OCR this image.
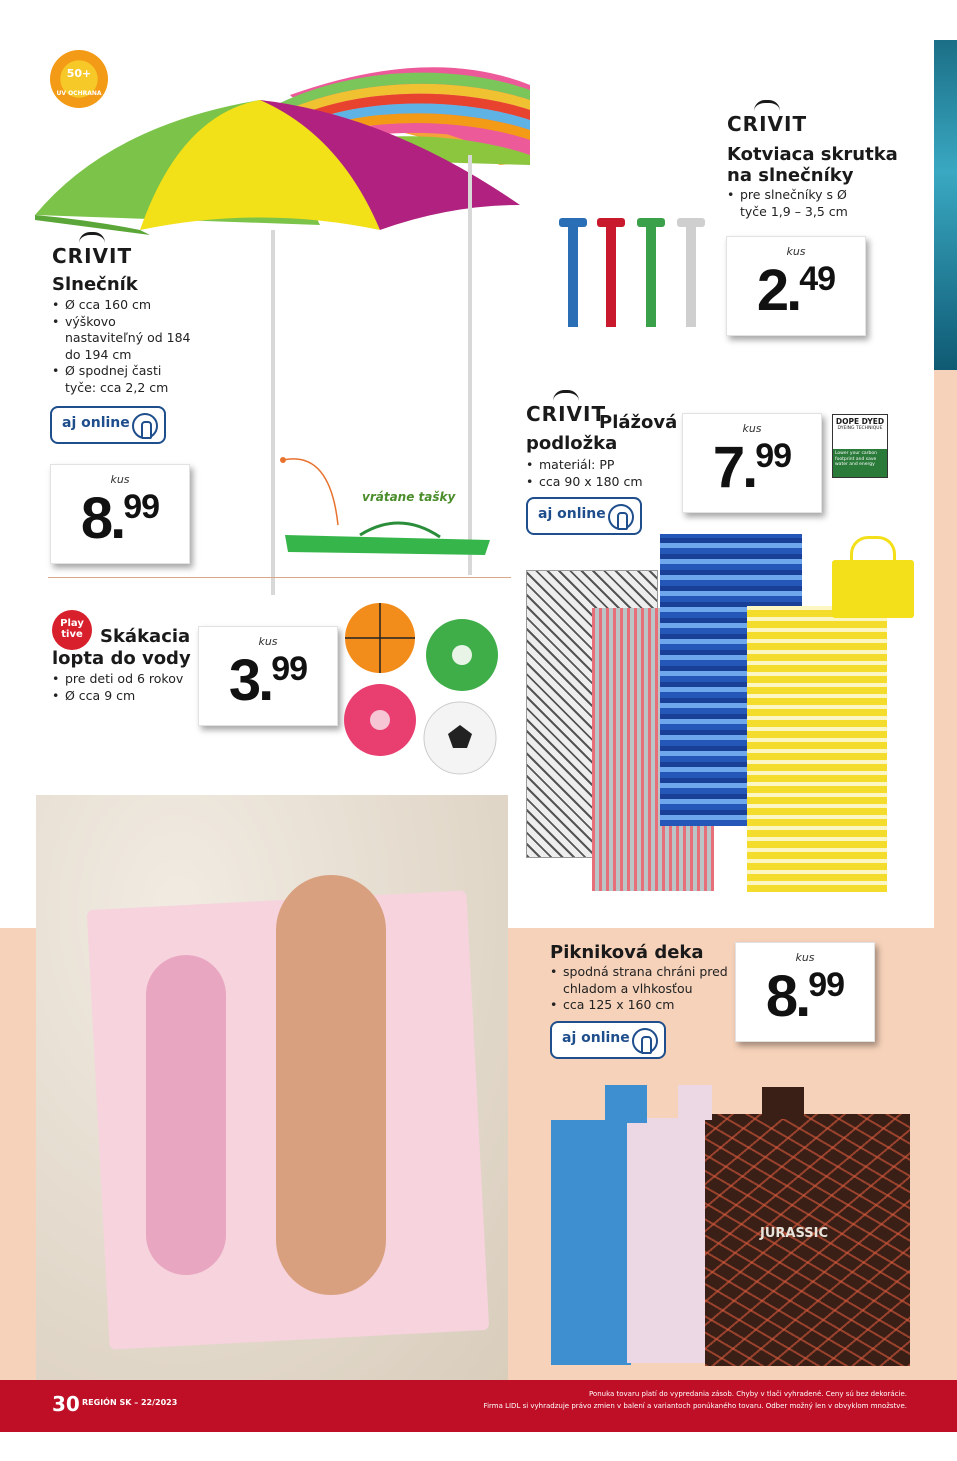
50+
UV OCHRANA
vrátane tašky
CRIVIT
Slnečník
• Ø cca 160 cm
• výškovo nastaviteľný od 184 do 194 cm
• Ø spodnej časti tyče: cca 2,2 cm
aj online
kus
8.99
CRIVIT
Kotviaca skrutka
na slnečníky
• pre slnečníky s Ø tyče 1,9 – 3,5 cm
kus
2.49
CRIVIT
Plážová
podložka
• materiál: PP
• cca 90 x 180 cm
aj online
kus
7.99
DOPE DYED
DYEING TECHNIQUE
Lower your carbon footprint and save water and energy
Play
tive Skákacia
lopta do vody
• pre deti od 6 rokov
• Ø cca 9 cm
kus
3.99
Pikniková deka
• spodná strana chráni pred chladom a vlhkosťou
• cca 125 x 160 cm
aj online
kus
8.99
JURASSIC
30 REGIÓN SK – 22/2023
Ponuka tovaru platí do vypredania zásob. Chyby v tlači vyhradené. Ceny sú bez dekorácie.
Firma LIDL si vyhradzuje právo zmien v balení a variantoch ponúkaného tovaru. Odber možný len v obvyklom množstve.
